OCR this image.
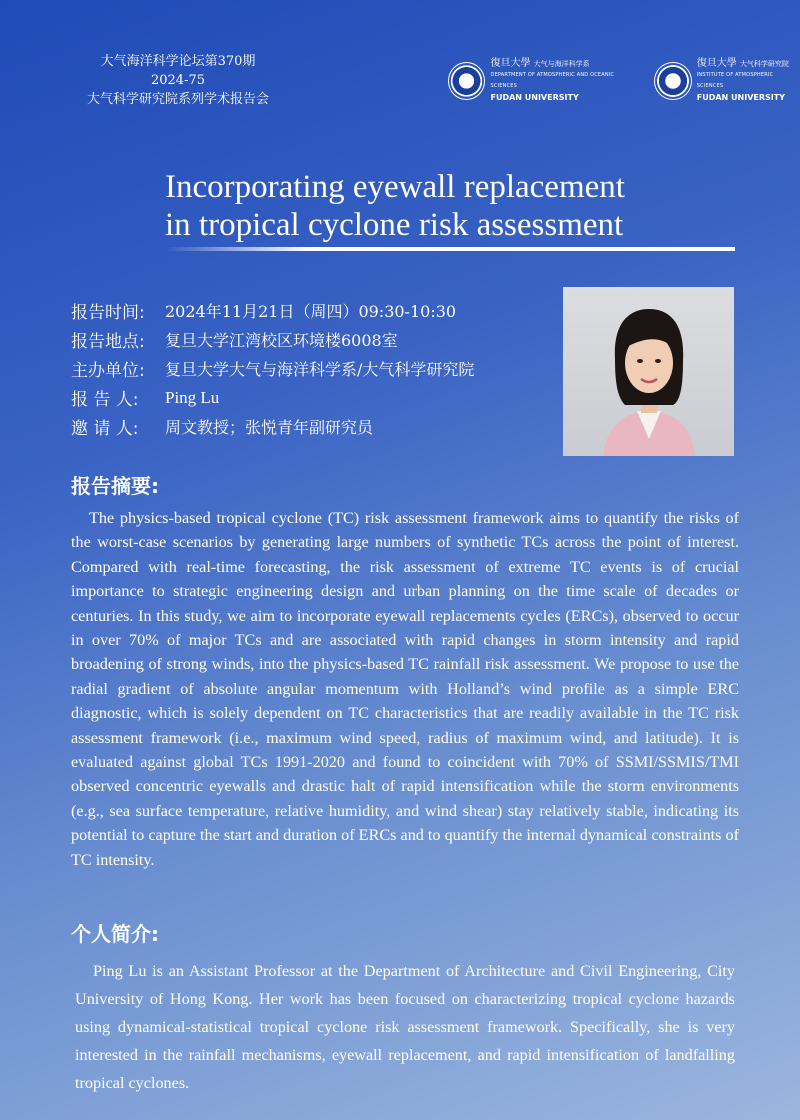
大气海洋科学论坛第370期
2024-75
大气科学研究院系列学术报告会
復旦大學 大气与海洋科学系
DEPARTMENT OF ATMOSPHERIC AND OCEANIC SCIENCES
FUDAN UNIVERSITY
復旦大學 大气科学研究院
INSTITUTE OF ATMOSPHERIC SCIENCES
FUDAN UNIVERSITY
Incorporating eyewall replacement
in tropical cyclone risk assessment
报告时间:	2024年11月21日（周四）09:30-10:30
报告地点:	复旦大学江湾校区环境楼6008室
主办单位:	复旦大学大气与海洋科学系/大气科学研究院
报 告 人:	Ping Lu
邀 请 人:	周文教授；张悦青年副研究员
报告摘要:

The physics-based tropical cyclone (TC) risk assessment framework aims to quantify the risks of the worst-case scenarios by generating large numbers of synthetic TCs across the point of interest. Compared with real-time forecasting, the risk assessment of extreme TC events is of crucial importance to strategic engineering design and urban planning on the time scale of decades or centuries. In this study, we aim to incorporate eyewall replacements cycles (ERCs), observed to occur in over 70% of major TCs and are associated with rapid changes in storm intensity and rapid broadening of strong winds, into the physics-based TC rainfall risk assessment. We propose to use the radial gradient of absolute angular momentum with Holland’s wind profile as a simple ERC diagnostic, which is solely dependent on TC characteristics that are readily available in the TC risk assessment framework (i.e., maximum wind speed, radius of maximum wind, and latitude). It is evaluated against global TCs 1991-2020 and found to coincident with 70% of SSMI/SSMIS/TMI observed concentric eyewalls and drastic halt of rapid intensification while the storm environments (e.g., sea surface temperature, relative humidity, and wind shear) stay relatively stable, indicating its potential to capture the start and duration of ERCs and to quantify the internal dynamical constraints of TC intensity.

个人简介:

Ping Lu is an Assistant Professor at the Department of Architecture and Civil Engineering, City University of Hong Kong. Her work has been focused on characterizing tropical cyclone hazards using dynamical-statistical tropical cyclone risk assessment framework. Specifically, she is very interested in the rainfall mechanisms, eyewall replacement, and rapid intensification of landfalling tropical cyclones.
